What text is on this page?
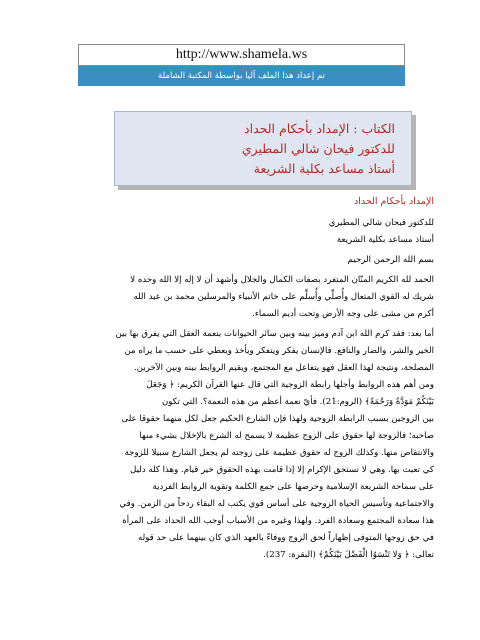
http://www.shamela.ws
تم إعداد هذا الملف آليا بواسطة المكتبة الشاملة
الكتاب : الإمداد بأحكام الحداد
للدكتور فيحان شالي المطيري
أستاذ مساعد بكلية الشريعة
الإمداد بأحكام الحداد
للدكتور فيحان شالي المطيري
أستاذ مساعد بكلية الشريعة
بسم الله الرحمن الرحيم
الحمد لله الكريم المنّان المتفرد بصفات الكمال والجلال وأشهد أن لا إله إلا الله وحده لا
شريك له القوي المتعال وأُصلِّي وأُسلِّم على خاتم الأنبياء والمرسلين محمد بن عبد الله
أكرم من مشى على وجه الأرض وتحت أديم السماء.
أما بعد: فقد كرم الله ابن آدم وميز بينه وبين سائر الحيوانات بنعمة العقل التي يفرق بها بين
الخير والشر، والضار والنافع. فالإنسان يفكر ويتفكر ويأخذ ويعطي على حسب ما يراه من
المصلحة، ونتيجة لهذا العقل فهو يتفاعل مع المجتمع، ويقيم الروابط بينه وبين الآخرين.
ومن أهم هذه الروابط وأجلها رابطة الزوجية التي قال عنها القرآن الكريم: ﴿ وَجَعَلَ
بَيْنَكُمْ مَوَدَّةً وَرَحْمَةً﴾ (الروم:21). فأيّ نعمة أعظم من هذه النعمة؟. التي تكون
بين الزوجين بسبب الرابطة الزوجية ولهذا فإن الشارع الحكيم جعل لكل منهما حقوقا على
صاحبه؛ فالزوجة لها حقوق على الزوج عظيمة لا يسمح له الشرع بالإخلال بشيء منها
والانتقاص منها. وكذلك الزوج له حقوق عظيمة على زوجته لم يجعل الشارع سبيلا للزوجة
كي تعبث بها. وهي لا تستحق الإكرام إلا إذا قامت بهذه الحقوق خير قيام. وهذا كله دليل
على سماحة الشريعة الإسلامية وحرصها على جمع الكلمة وتقوية الروابط الفردية
والاجتماعية وتأسيس الحياة الزوجية على أساس قوي يكتب له البقاء ردحاً من الزمن. وفي
هذا سعادة المجتمع وسعادة الفرد. ولهذا وغيره من الأسباب أوجب الله الحداد على المرأة
في حق زوجها المتوفى إظهاراً لحق الزوج ووفاءً بالعهد الذي كان بينهما على حد قوله
تعالى: ﴿ وَلا تَنْسَوُا الْفَضْلَ بَيْنَكُمْ﴾ (البقرة: 237).
